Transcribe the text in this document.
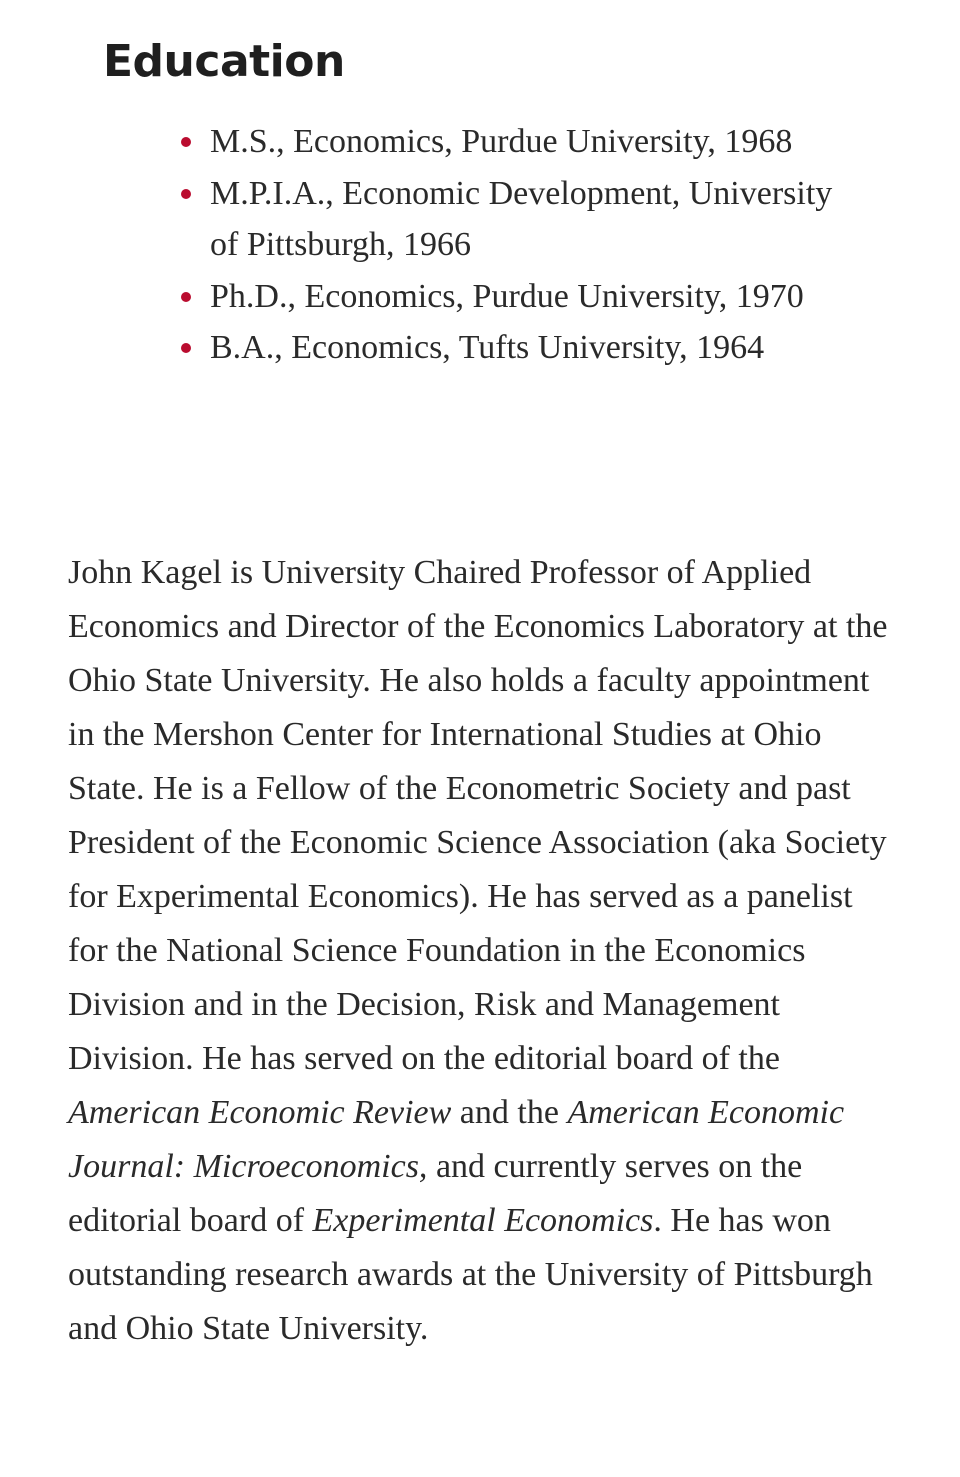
Education
M.S., Economics, Purdue University, 1968
M.P.I.A., Economic Development, University of Pittsburgh, 1966
Ph.D., Economics, Purdue University, 1970
B.A., Economics, Tufts University, 1964

John Kagel is University Chaired Professor of Applied Economics and Director of the Economics Laboratory at the Ohio State University. He also holds a faculty appointment in the Mershon Center for International Studies at Ohio State. He is a Fellow of the Econometric Society and past President of the Economic Science Association (aka Society for Experimental Economics). He has served as a panelist for the National Science Foundation in the Economics Division and in the Decision, Risk and Management Division. He has served on the editorial board of the American Economic Review and the American Economic Journal: Microeconomics, and currently serves on the editorial board of Experimental Economics. He has won outstanding research awards at the University of Pittsburgh and Ohio State University.
